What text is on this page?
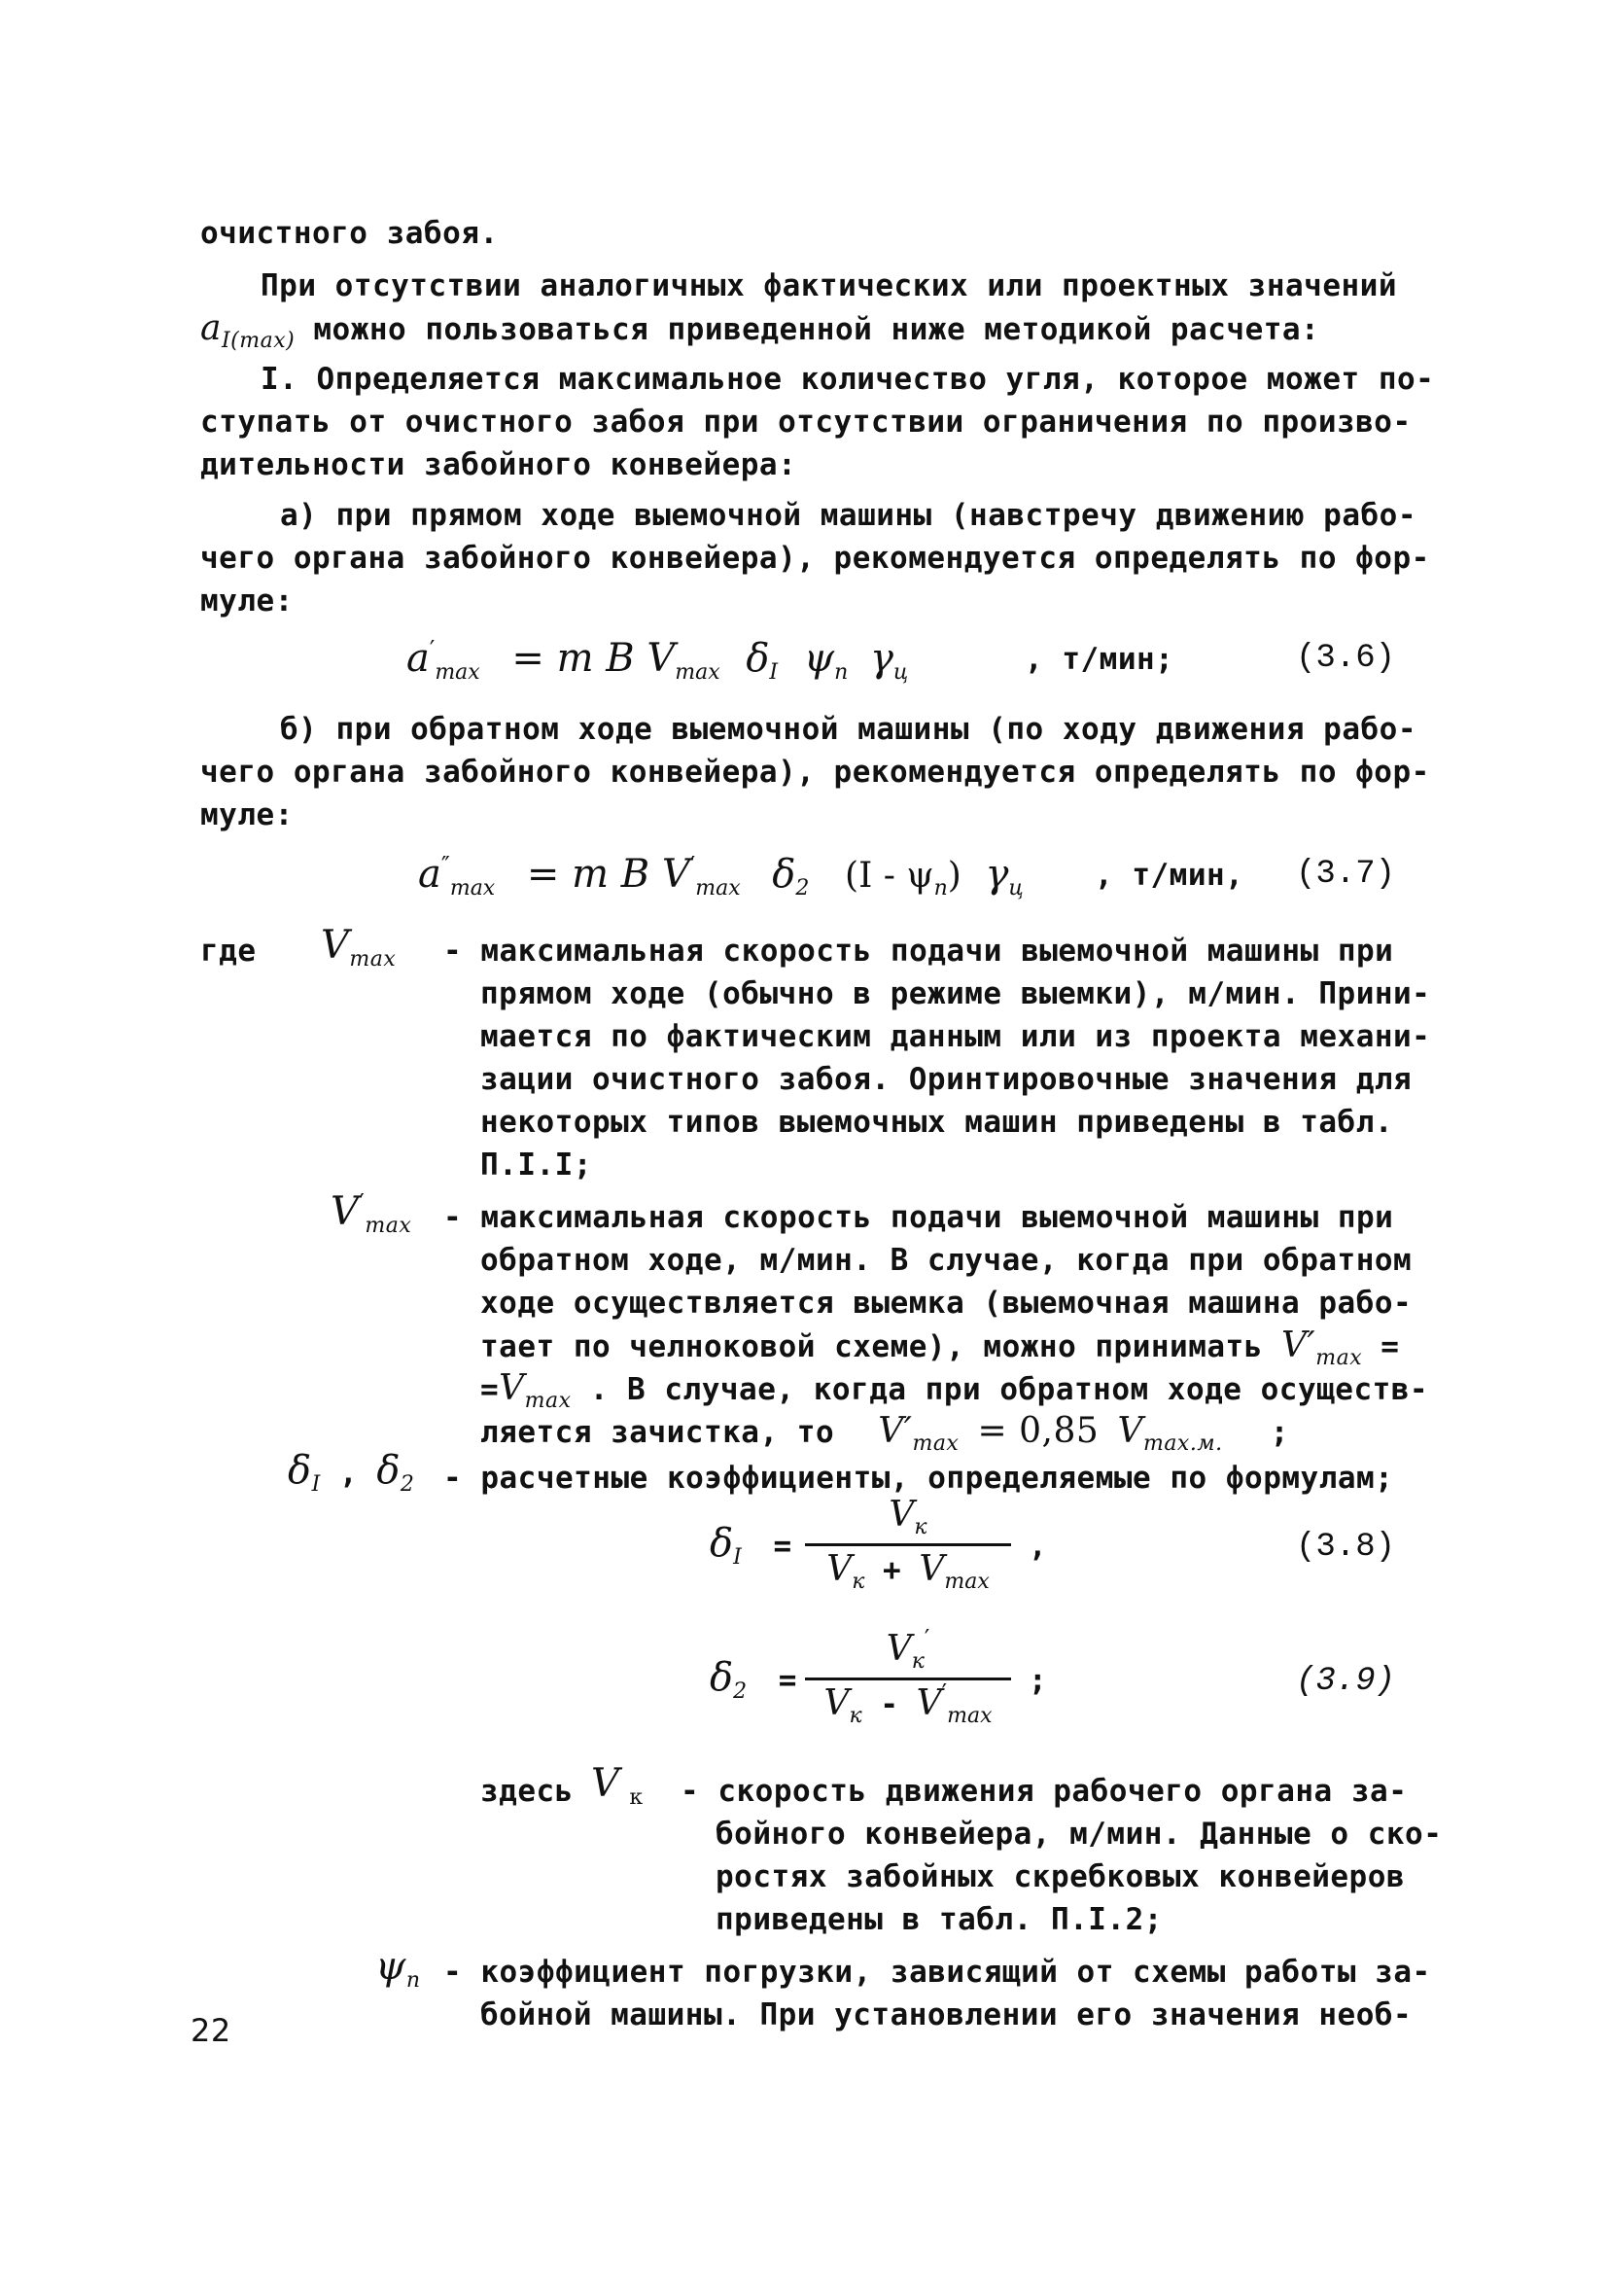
очистного забоя.
При отсутствии аналогичных фактических или проектных значений
$a_{I(max)}$ можно пользоваться приведенной ниже методикой расчета:
I. Определяется максимальное количество угля, которое может по-
ступать от очистного забоя при отсутствии ограничения по произво-
дительности забойного конвейера:
а) при прямом ходе выемочной машины (навстречу движению рабо-
чего органа забойного конвейера), рекомендуется определять по фор-
муле:
$a'_{max} = m$ B $V_{max}$ $\delta_I$ $\psi_n$ $\gamma_ц$	, т/мин;	(3.6)
б) при обратном ходе выемочной машины (по ходу движения рабо-
чего органа забойного конвейера), рекомендуется определять по фор-
муле:
$a''_{max} = m$ B $V'_{max}$ $\delta_2$ $(I - \psi_n)$ $\gamma_ц$ , т/мин, (3.7)
где $V_{max}$ - максимальная скорость подачи выемочной машины при
прямом ходе (обычно в режиме выемки), м/мин. Прини-
мается по фактическим данным или из проекта механи-
зации очистного забоя. Оринтировочные значения для
некоторых типов выемочных машин приведены в табл.
П.I.I;
$V'_{max}$ - максимальная скорость подачи выемочной машины при
обратном ходе, м/мин. В случае, когда при обратном
ходе осуществляется выемка (выемочная машина рабо-
тает по челноковой схеме), можно принимать $V'_{max}$ =
$=V_{max}$ . В случае, когда при обратном ходе осуществ-
ляется зачистка, то $V'_{max} = 0,85$ $V_{max.м.}$ ;
$\delta_I$ , $\delta_2$ - расчетные коэффициенты, определяемые по формулам;
$\delta_I$ =
$V_к$
$V_к + V_{max}$
,	(3.8)
$\delta_2$ =
$V_к'$
$V_к - V'_{max}$
;	(3.9)
здесь V $_к$ - скорость движения рабочего органа за-
бойного конвейера, м/мин. Данные о ско-
ростях забойных скребковых конвейеров
приведены в табл. П.I.2;
$\psi_n$ - коэффициент погрузки, зависящий от схемы работы за-
бойной машины. При установлении его значения необ-
22
